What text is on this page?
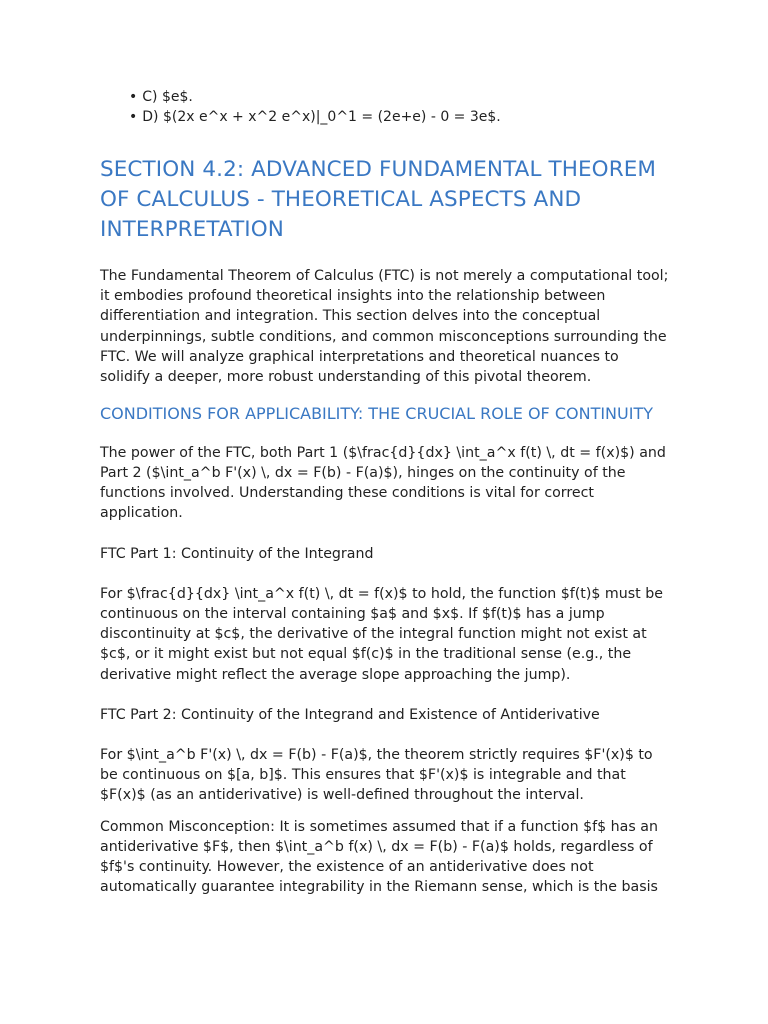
• C) $e$.
• D) $(2x e^x + x^2 e^x)|_0^1 = (2e+e) - 0 = 3e$.
SECTION 4.2: ADVANCED FUNDAMENTAL THEOREM OF CALCULUS - THEORETICAL ASPECTS AND INTERPRETATION

The Fundamental Theorem of Calculus (FTC) is not merely a computational tool; it embodies profound theoretical insights into the relationship between differentiation and integration. This section delves into the conceptual underpinnings, subtle conditions, and common misconceptions surrounding the FTC. We will analyze graphical interpretations and theoretical nuances to solidify a deeper, more robust understanding of this pivotal theorem.

CONDITIONS FOR APPLICABILITY: THE CRUCIAL ROLE OF CONTINUITY

The power of the FTC, both Part 1 ($\frac{d}{dx} \int_a^x f(t) \, dt = f(x)$) and Part 2 ($\int_a^b F'(x) \, dx = F(b) - F(a)$), hinges on the continuity of the functions involved. Understanding these conditions is vital for correct application.

FTC Part 1: Continuity of the Integrand

For $\frac{d}{dx} \int_a^x f(t) \, dt = f(x)$ to hold, the function $f(t)$ must be continuous on the interval containing $a$ and $x$. If $f(t)$ has a jump discontinuity at $c$, the derivative of the integral function might not exist at $c$, or it might exist but not equal $f(c)$ in the traditional sense (e.g., the derivative might reflect the average slope approaching the jump).

FTC Part 2: Continuity of the Integrand and Existence of Antiderivative

For $\int_a^b F'(x) \, dx = F(b) - F(a)$, the theorem strictly requires $F'(x)$ to be continuous on $[a, b]$. This ensures that $F'(x)$ is integrable and that $F(x)$ (as an antiderivative) is well-defined throughout the interval.

Common Misconception: It is sometimes assumed that if a function $f$ has an antiderivative $F$, then $\int_a^b f(x) \, dx = F(b) - F(a)$ holds, regardless of $f$'s continuity. However, the existence of an antiderivative does not automatically guarantee integrability in the Riemann sense, which is the basis
